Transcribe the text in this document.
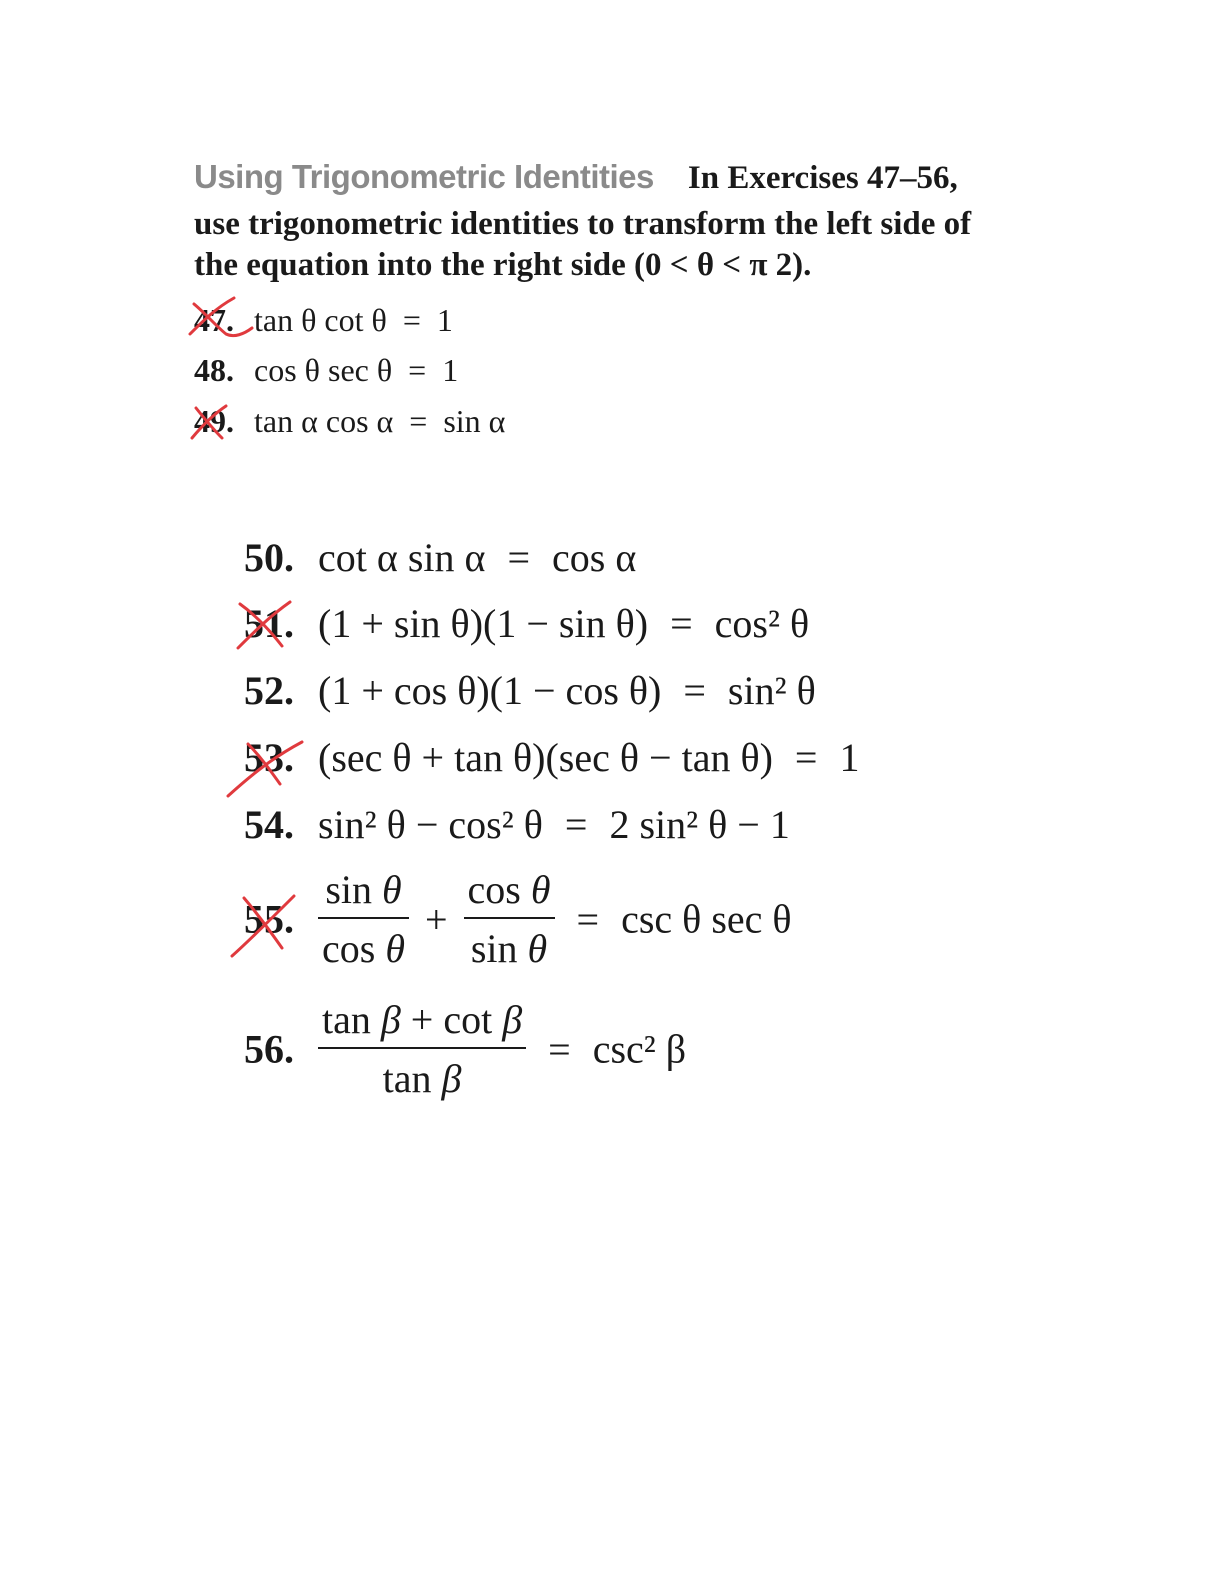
Using Trigonometric Identities In Exercises 47–56,
use trigonometric identities to transform the left side of
the equation into the right side (0 < θ < π 2).
47. tan θ cot θ = 1
48. cos θ sec θ = 1
49. tan α cos α = sin α
50. cot α sin α = cos α
51. (1 + sin θ)(1 − sin θ) = cos² θ
52. (1 + cos θ)(1 − cos θ) = sin² θ
53. (sec θ + tan θ)(sec θ − tan θ) = 1
54. sin² θ − cos² θ = 2 sin² θ − 1
55. $\frac{\text{sin θ}}{\text{cos θ}} + \frac{\text{cos θ}}{\text{sin θ}} = \csc \theta$ sec θ
56. $\frac{\text{tan β + cot β}}{\text{tan β}} = \csc^2$ β
